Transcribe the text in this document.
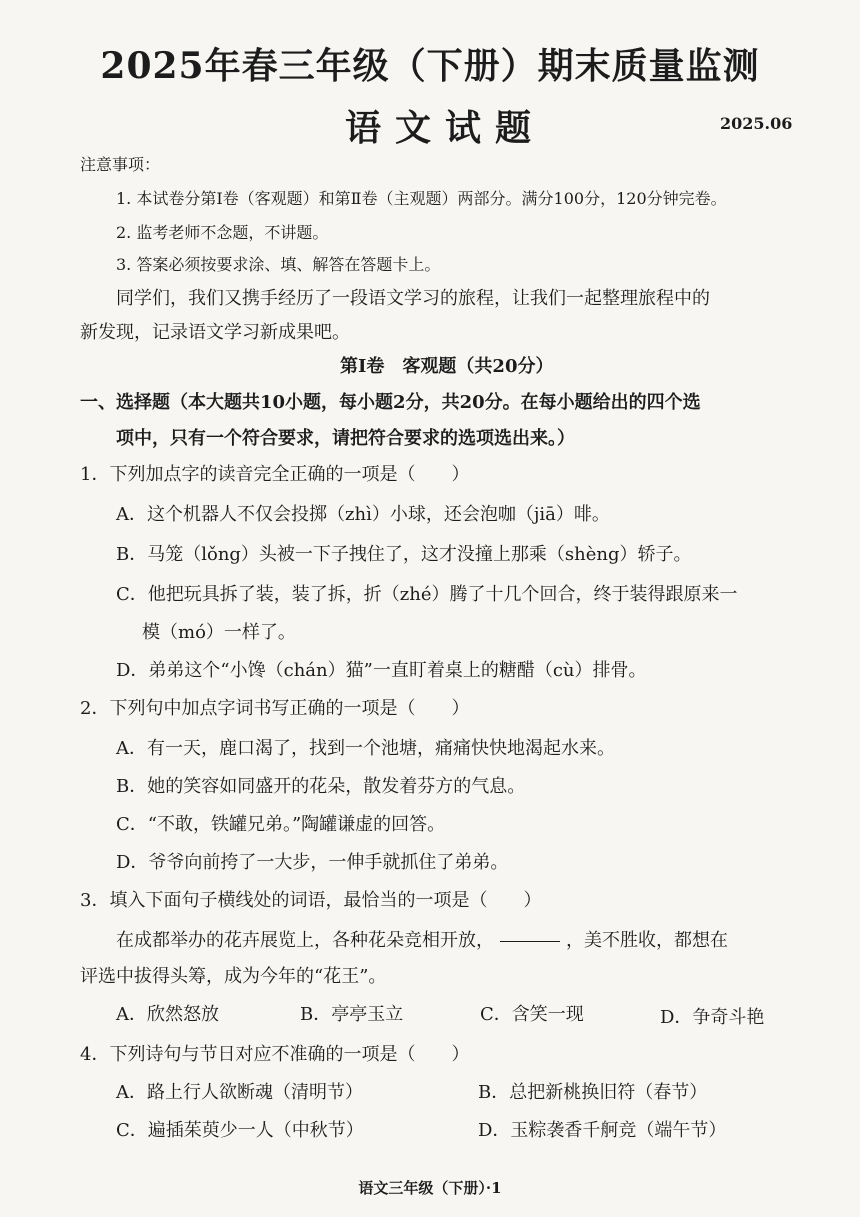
2025年春三年级（下册）期末质量监测
语文试题	2025.06
注意事项：
1. 本试卷分第Ⅰ卷（客观题）和第Ⅱ卷（主观题）两部分。满分100分，120分钟完卷。
2. 监考老师不念题，不讲题。
3. 答案必须按要求涂、填、解答在答题卡上。
同学们，我们又携手经历了一段语文学习的旅程，让我们一起整理旅程中的
新发现，记录语文学习新成果吧。
第Ⅰ卷　客观题（共20分）
一、选择题（本大题共10小题，每小题2分，共20分。在每小题给出的四个选
项中，只有一个符合要求，请把符合要求的选项选出来。）
1．下列加点字的读音完全正确的一项是（　　）
A．这个机器人不仅会投掷（zhì）小球，还会泡咖（jiā）啡。
B．马笼（lǒng）头被一下子拽住了，这才没撞上那乘（shèng）轿子。
C．他把玩具拆了装，装了拆，折（zhé）腾了十几个回合，终于装得跟原来一
模（mó）一样了。
D．弟弟这个“小馋（chán）猫”一直盯着桌上的糖醋（cù）排骨。
2．下列句中加点字词书写正确的一项是（　　）
A．有一天，鹿口渴了，找到一个池塘，痛痛快快地渴起水来。
B．她的笑容如同盛开的花朵，散发着芬方的气息。
C．“不敢，铁罐兄弟。”陶罐谦虚的回答。
D．爷爷向前挎了一大步，一伸手就抓住了弟弟。
3．填入下面句子横线处的词语，最恰当的一项是（　　）
在成都举办的花卉展览上，各种花朵竞相开放，	，美不胜收，都想在
评选中拔得头筹，成为今年的“花王”。
A．欣然怒放	B．亭亭玉立	C．含笑一现	D．争奇斗艳
4．下列诗句与节日对应不准确的一项是（　　）
A．路上行人欲断魂（清明节）	B．总把新桃换旧符（春节）
C．遍插茱萸少一人（中秋节）	D．玉粽袭香千舸竞（端午节）
语文三年级（下册）·1
